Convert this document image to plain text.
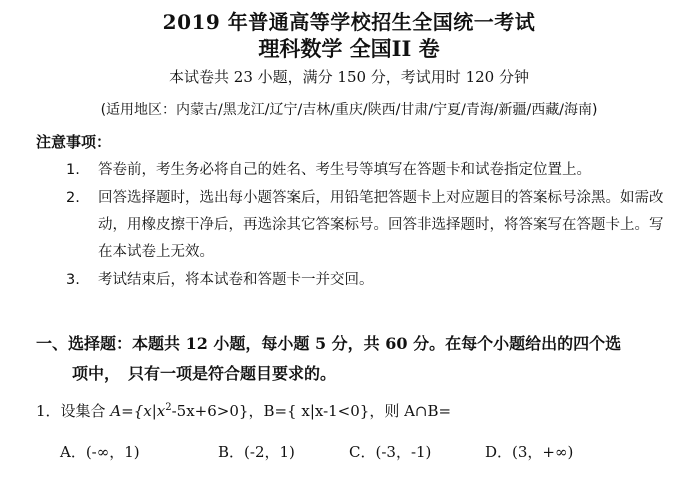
2019 年普通高等学校招生全国统一考试
理科数学 全国II 卷
本试卷共 23 小题，满分 150 分，考试用时 120 分钟
(适用地区：内蒙古/黑龙江/辽宁/吉林/重庆/陕西/甘肃/宁夏/青海/新疆/西藏/海南)
注意事项：
1. 答卷前，考生务必将自己的姓名、考生号等填写在答题卡和试卷指定位置上。
2. 回答选择题时，选出每小题答案后，用铅笔把答题卡上对应题目的答案标号涂黑。如需改动，用橡皮擦干净后，再选涂其它答案标号。回答非选择题时，将答案写在答题卡上。写在本试卷上无效。
3. 考试结束后，将本试卷和答题卡一并交回。
一、选择题：本题共 12 小题，每小题 5 分，共 60 分。在每个小题给出的四个选
项中，　只有一项是符合题目要求的。
1．设集合 $A=\{x|x^2-5x+6>0\}$，B={ x|x-1<0}，则 A∩B=
A．(-∞，1)	B．(-2，1)	C．(-3，-1)	D．(3，+∞)
